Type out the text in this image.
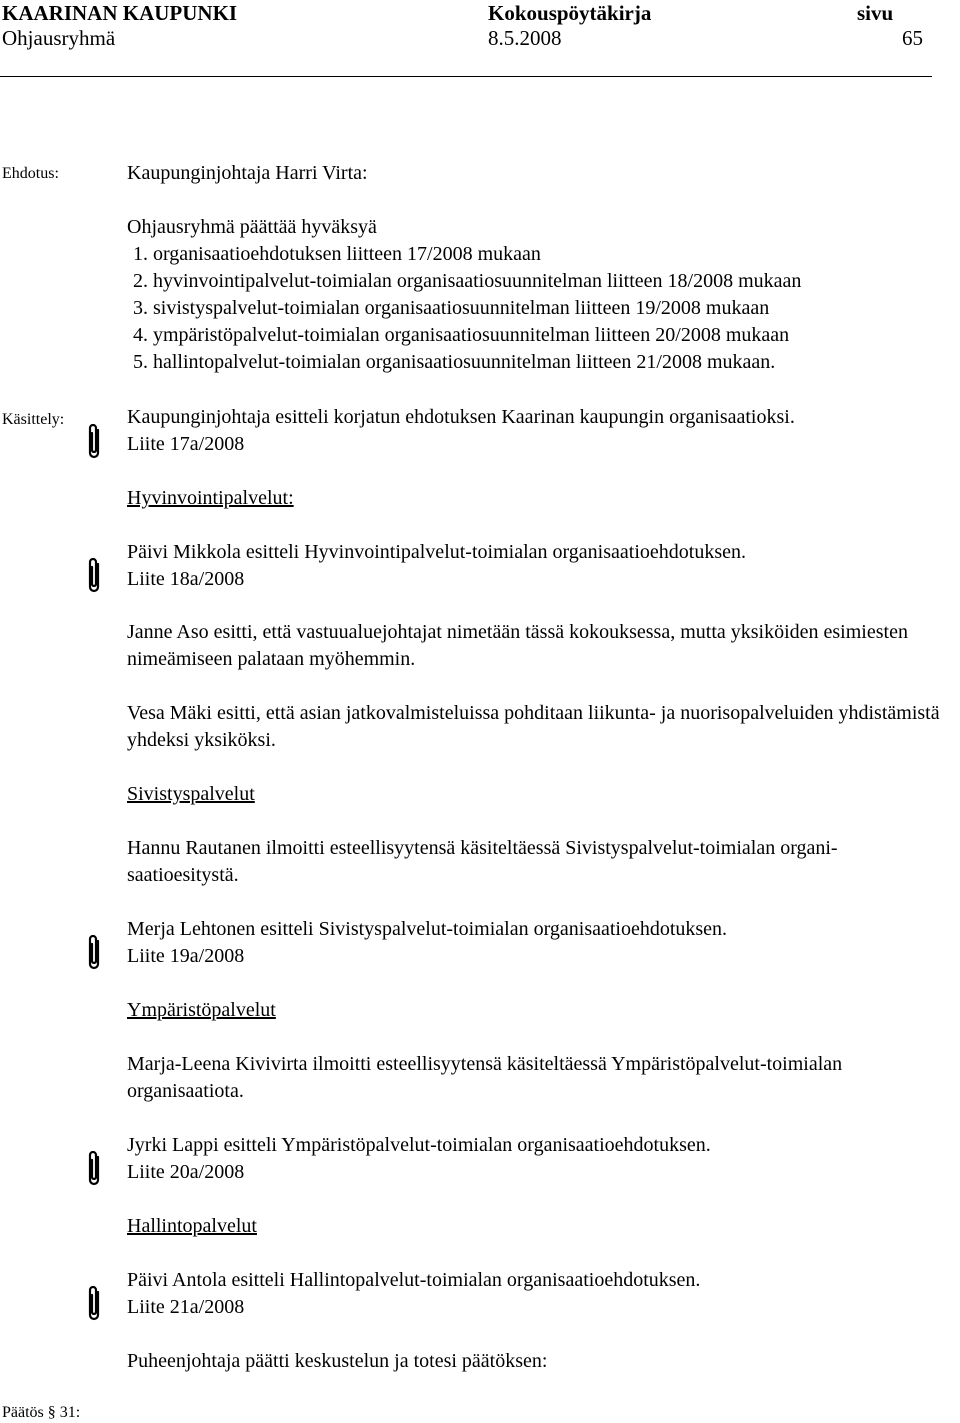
KAARINAN KAUPUNKI	Kokouspöytäkirja	sivu
Ohjausryhmä	8.5.2008	65
Ehdotus:
Käsittely:
Päätös § 31:
Kaupunginjohtaja Harri Virta:
Ohjausryhmä päättää hyväksyä
1. organisaatioehdotuksen liitteen 17/2008 mukaan
2. hyvinvointipalvelut-toimialan organisaatiosuunnitelman liitteen 18/2008 mukaan
3. sivistyspalvelut-toimialan organisaatiosuunnitelman liitteen 19/2008 mukaan
4. ympäristöpalvelut-toimialan organisaatiosuunnitelman liitteen 20/2008 mukaan
5. hallintopalvelut-toimialan organisaatiosuunnitelman liitteen 21/2008 mukaan.
Kaupunginjohtaja esitteli korjatun ehdotuksen Kaarinan kaupungin organisaatioksi.
Liite 17a/2008
Hyvinvointipalvelut:
Päivi Mikkola esitteli Hyvinvointipalvelut-toimialan organisaatioehdotuksen.
Liite 18a/2008
Janne Aso esitti, että vastuualuejohtajat nimetään tässä kokouksessa, mutta yksiköiden esimiesten nimeämiseen palataan myöhemmin.
Vesa Mäki esitti, että asian jatkovalmisteluissa pohditaan liikunta- ja nuorisopalveluiden yhdistämistä yhdeksi yksiköksi.
Sivistyspalvelut
Hannu Rautanen ilmoitti esteellisyytensä käsiteltäessä Sivistyspalvelut-toimialan organi-saatioesitystä.
Merja Lehtonen esitteli Sivistyspalvelut-toimialan organisaatioehdotuksen.
Liite 19a/2008
Ympäristöpalvelut
Marja-Leena Kivivirta ilmoitti esteellisyytensä käsiteltäessä Ympäristöpalvelut-toimialan organisaatiota.
Jyrki Lappi esitteli Ympäristöpalvelut-toimialan organisaatioehdotuksen.
Liite 20a/2008
Hallintopalvelut
Päivi Antola esitteli Hallintopalvelut-toimialan organisaatioehdotuksen.
Liite 21a/2008
Puheenjohtaja päätti keskustelun ja totesi päätöksen:
